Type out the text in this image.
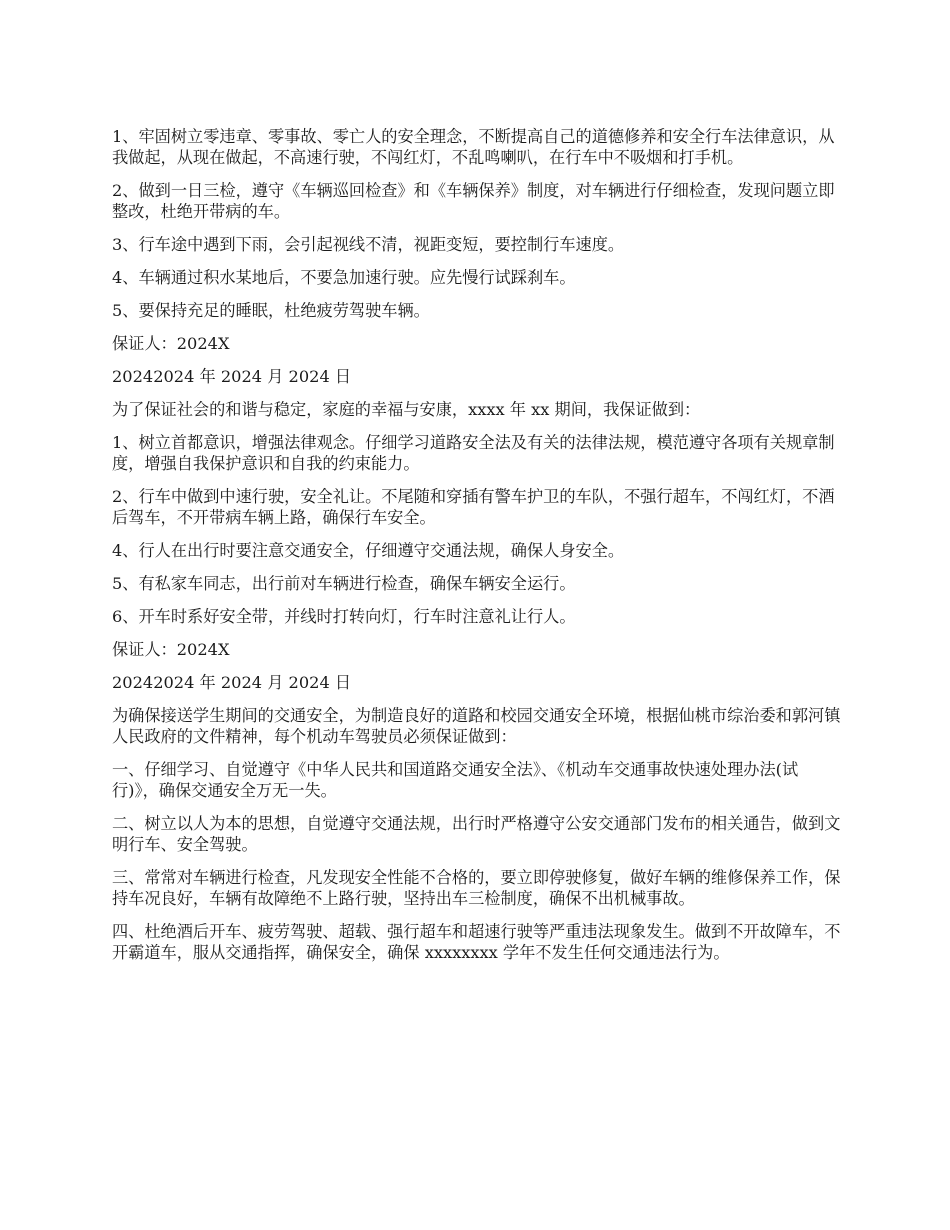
1、牢固树立零违章、零事故、零亡人的安全理念，不断提高自己的道德修养和安全行车法律意识，从我做起，从现在做起，不高速行驶，不闯红灯，不乱鸣喇叭，在行车中不吸烟和打手机。

2、做到一日三检，遵守《车辆巡回检查》和《车辆保养》制度，对车辆进行仔细检查，发现问题立即整改，杜绝开带病的车。

3、行车途中遇到下雨，会引起视线不清，视距变短，要控制行车速度。

4、车辆通过积水某地后，不要急加速行驶。应先慢行试踩刹车。

5、要保持充足的睡眠，杜绝疲劳驾驶车辆。

保证人：2024X

20242024 年 2024 月 2024 日

为了保证社会的和谐与稳定，家庭的幸福与安康，xxxx 年 xx 期间，我保证做到：

1、树立首都意识，增强法律观念。仔细学习道路安全法及有关的法律法规，模范遵守各项有关规章制度，增强自我保护意识和自我的约束能力。

2、行车中做到中速行驶，安全礼让。不尾随和穿插有警车护卫的车队，不强行超车，不闯红灯，不酒后驾车，不开带病车辆上路，确保行车安全。

4、行人在出行时要注意交通安全，仔细遵守交通法规，确保人身安全。

5、有私家车同志，出行前对车辆进行检查，确保车辆安全运行。

6、开车时系好安全带，并线时打转向灯，行车时注意礼让行人。

保证人：2024X

20242024 年 2024 月 2024 日

为确保接送学生期间的交通安全，为制造良好的道路和校园交通安全环境，根据仙桃市综治委和郭河镇人民政府的文件精神，每个机动车驾驶员必须保证做到：

一、仔细学习、自觉遵守《中华人民共和国道路交通安全法》、《机动车交通事故快速处理办法(试行)》，确保交通安全万无一失。

二、树立以人为本的思想，自觉遵守交通法规，出行时严格遵守公安交通部门发布的相关通告，做到文明行车、安全驾驶。

三、常常对车辆进行检查，凡发现安全性能不合格的，要立即停驶修复，做好车辆的维修保养工作，保持车况良好，车辆有故障绝不上路行驶，坚持出车三检制度，确保不出机械事故。

四、杜绝酒后开车、疲劳驾驶、超载、强行超车和超速行驶等严重违法现象发生。做到不开故障车，不开霸道车，服从交通指挥，确保安全，确保 xxxxxxxx 学年不发生任何交通违法行为。
